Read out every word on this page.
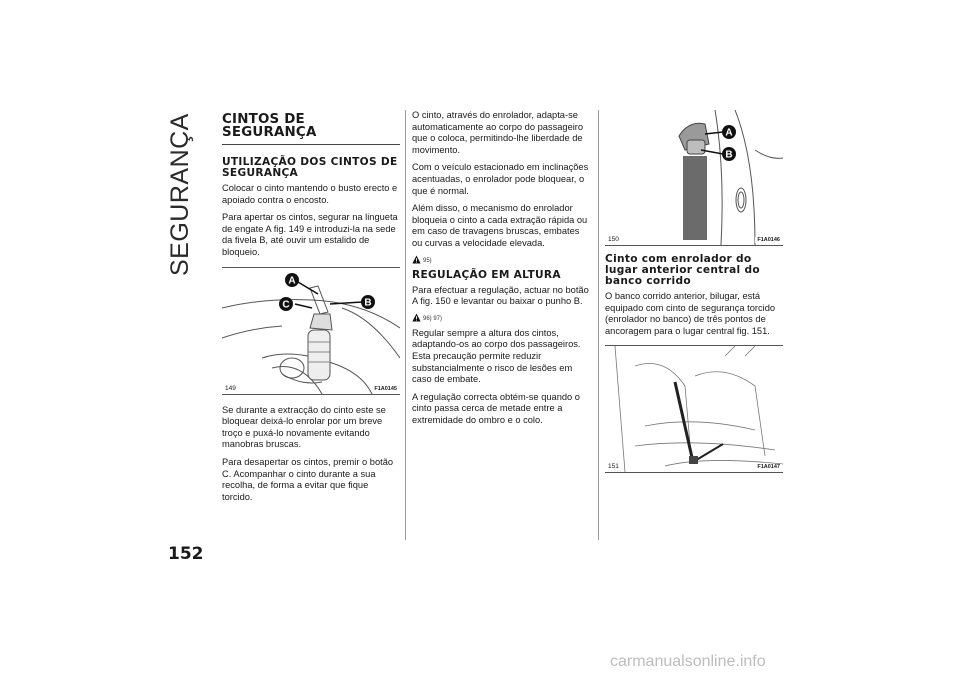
SEGURANÇA CINTOS DE SEGURANÇA
UTILIZAÇÃO DOS CINTOS DE SEGURANÇA
Colocar o cinto mantendo o busto erecto e apoiado contra o encosto.
Para apertar os cintos, segurar na lingueta de engate A fig. 149 e introduzi-la na sede da fivela B, até ouvir um estalido de bloqueio.
A
B
C
149	F1A0145
Se durante a extracção do cinto este se bloquear deixá-lo enrolar por um breve troço e puxá-lo novamente evitando manobras bruscas.
Para desapertar os cintos, premir o botão C. Acompanhar o cinto durante a sua recolha, de forma a evitar que fique torcido.
O cinto, através do enrolador, adapta-se automaticamente ao corpo do passageiro que o coloca, permitindo-lhe liberdade de movimento.
Com o veículo estacionado em inclinações acentuadas, o enrolador pode bloquear, o que é normal.
Além disso, o mecanismo do enrolador bloqueia o cinto a cada extração rápida ou em caso de travagens bruscas, embates ou curvas a velocidade elevada.
95)
REGULAÇÃO EM ALTURA
Para efectuar a regulação, actuar no botão A fig. 150 e levantar ou baixar o punho B.
96) 97)
Regular sempre a altura dos cintos, adaptando-os ao corpo dos passageiros. Esta precaução permite reduzir substancialmente o risco de lesões em caso de embate.
A regulação correcta obtém-se quando o cinto passa cerca de metade entre a extremidade do ombro e o colo.
A
B
150	F1A0146
Cinto com enrolador do lugar anterior central do banco corrido
O banco corrido anterior, bilugar, está equipado com cinto de segurança torcido (enrolador no banco) de três pontos de ancoragem para o lugar central fig. 151.
151	F1A0147
152
carmanualsonline.info
